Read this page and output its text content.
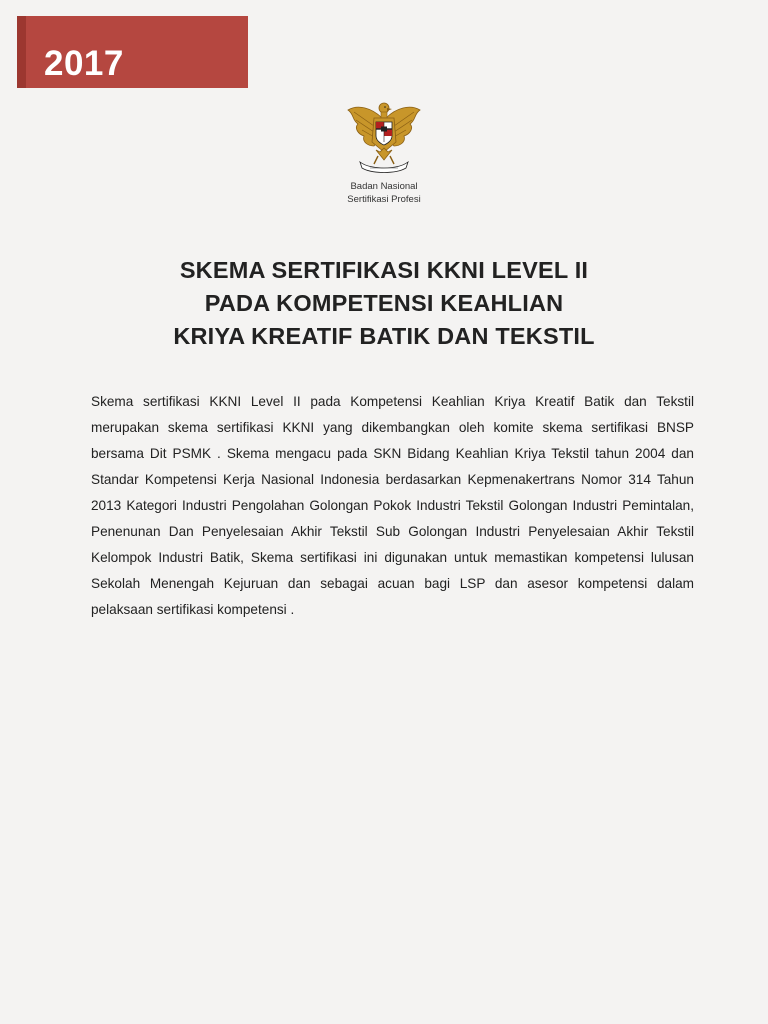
2017
Badan Nasional
Sertifikasi Profesi
SKEMA SERTIFIKASI KKNI LEVEL II
PADA KOMPETENSI KEAHLIAN
KRIYA KREATIF BATIK DAN TEKSTIL

Skema sertifikasi KKNI Level II pada Kompetensi Keahlian Kriya Kreatif Batik dan Tekstil merupakan skema sertifikasi KKNI yang dikembangkan oleh komite skema sertifikasi BNSP bersama Dit PSMK . Skema mengacu pada SKN Bidang Keahlian Kriya Tekstil tahun 2004 dan Standar Kompetensi Kerja Nasional Indonesia berdasarkan Kepmenakertrans Nomor 314 Tahun 2013 Kategori Industri Pengolahan Golongan Pokok Industri Tekstil Golongan Industri Pemintalan, Penenunan Dan Penyelesaian Akhir Tekstil Sub Golongan Industri Penyelesaian Akhir Tekstil Kelompok Industri Batik, Skema sertifikasi ini digunakan untuk memastikan kompetensi lulusan Sekolah Menengah Kejuruan dan sebagai acuan bagi LSP dan asesor kompetensi dalam pelaksaan sertifikasi kompetensi .
